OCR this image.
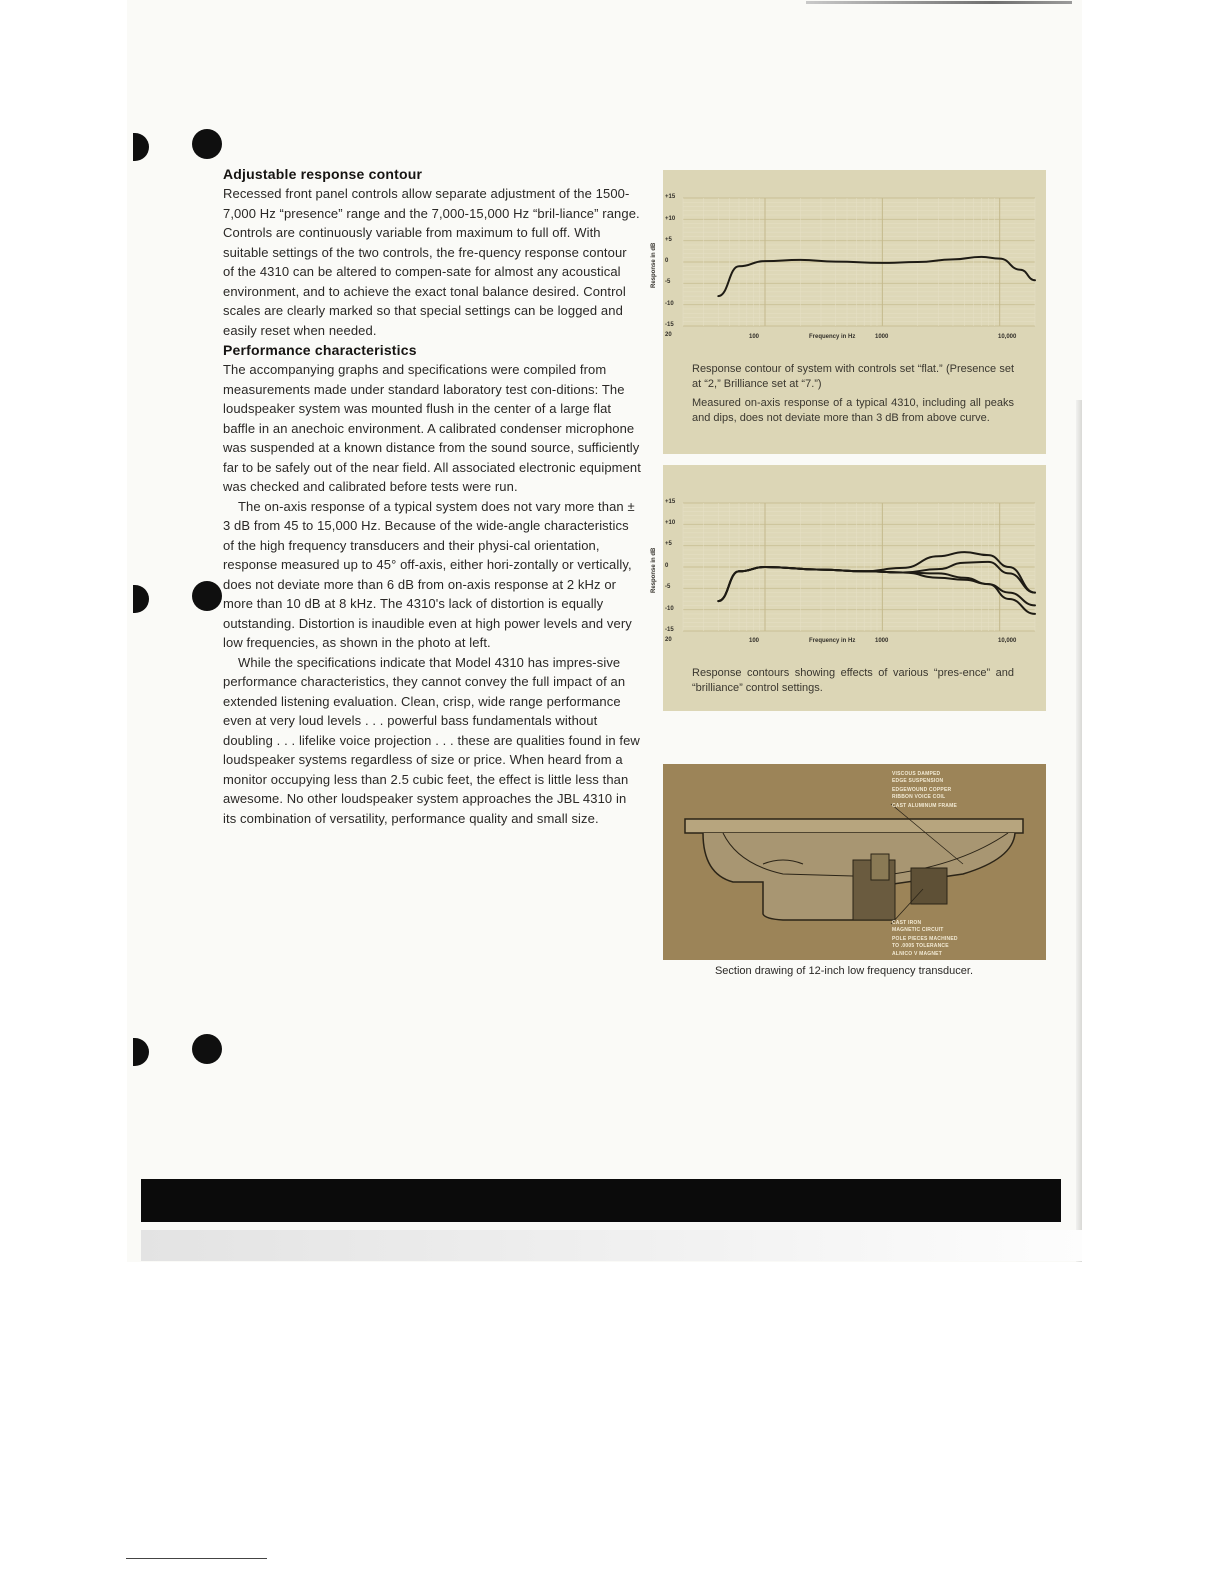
Adjustable response contour

Recessed front panel controls allow separate adjustment of the 1500-7,000 Hz “presence” range and the 7,000-15,000 Hz “bril-liance” range. Controls are continuously variable from maximum to full off. With suitable settings of the two controls, the fre-quency response contour of the 4310 can be altered to compen-sate for almost any acoustical environment, and to achieve the exact tonal balance desired. Control scales are clearly marked so that special settings can be logged and easily reset when needed.

Performance characteristics

The accompanying graphs and specifications were compiled from measurements made under standard laboratory test con-ditions: The loudspeaker system was mounted flush in the center of a large flat baffle in an anechoic environment. A calibrated condenser microphone was suspended at a known distance from the sound source, sufficiently far to be safely out of the near field. All associated electronic equipment was checked and calibrated before tests were run.

The on-axis response of a typical system does not vary more than ± 3 dB from 45 to 15,000 Hz. Because of the wide-angle characteristics of the high frequency transducers and their physi-cal orientation, response measured up to 45° off-axis, either hori-zontally or vertically, does not deviate more than 6 dB from on-axis response at 2 kHz or more than 10 dB at 8 kHz. The 4310's lack of distortion is equally outstanding. Distortion is inaudible even at high power levels and very low frequencies, as shown in the photo at left.

While the specifications indicate that Model 4310 has impres-sive performance characteristics, they cannot convey the full impact of an extended listening evaluation. Clean, crisp, wide range performance even at very loud levels . . . powerful bass fundamentals without doubling . . . lifelike voice projection . . . these are qualities found in few loudspeaker systems regardless of size or price. When heard from a monitor occupying less than 2.5 cubic feet, the effect is little less than awesome. No other loudspeaker system approaches the JBL 4310 in its combination of versatility, performance quality and small size.

Response in dB
+15
+10
+5
0
-5
-10
-15
20	100	Frequency in Hz	1000	10,000
Response contour of system with controls set “flat.” (Presence set at “2,” Brilliance set at “7.”)
Measured on-axis response of a typical 4310, including all peaks and dips, does not deviate more than 3 dB from above curve.
Response in dB
+15
+10
+5
0
-5
-10
-15
20	100	Frequency in Hz	1000	10,000
Response contours showing effects of various “pres-ence” and “brilliance” control settings.
VISCOUS DAMPED
EDGE SUSPENSION
EDGEWOUND COPPER
RIBBON VOICE COIL
CAST ALUMINUM FRAME
CAST IRON
MAGNETIC CIRCUIT
POLE PIECES MACHINED
TO .0005 TOLERANCE
ALNICO V MAGNET
Section drawing of 12-inch low frequency transducer.
